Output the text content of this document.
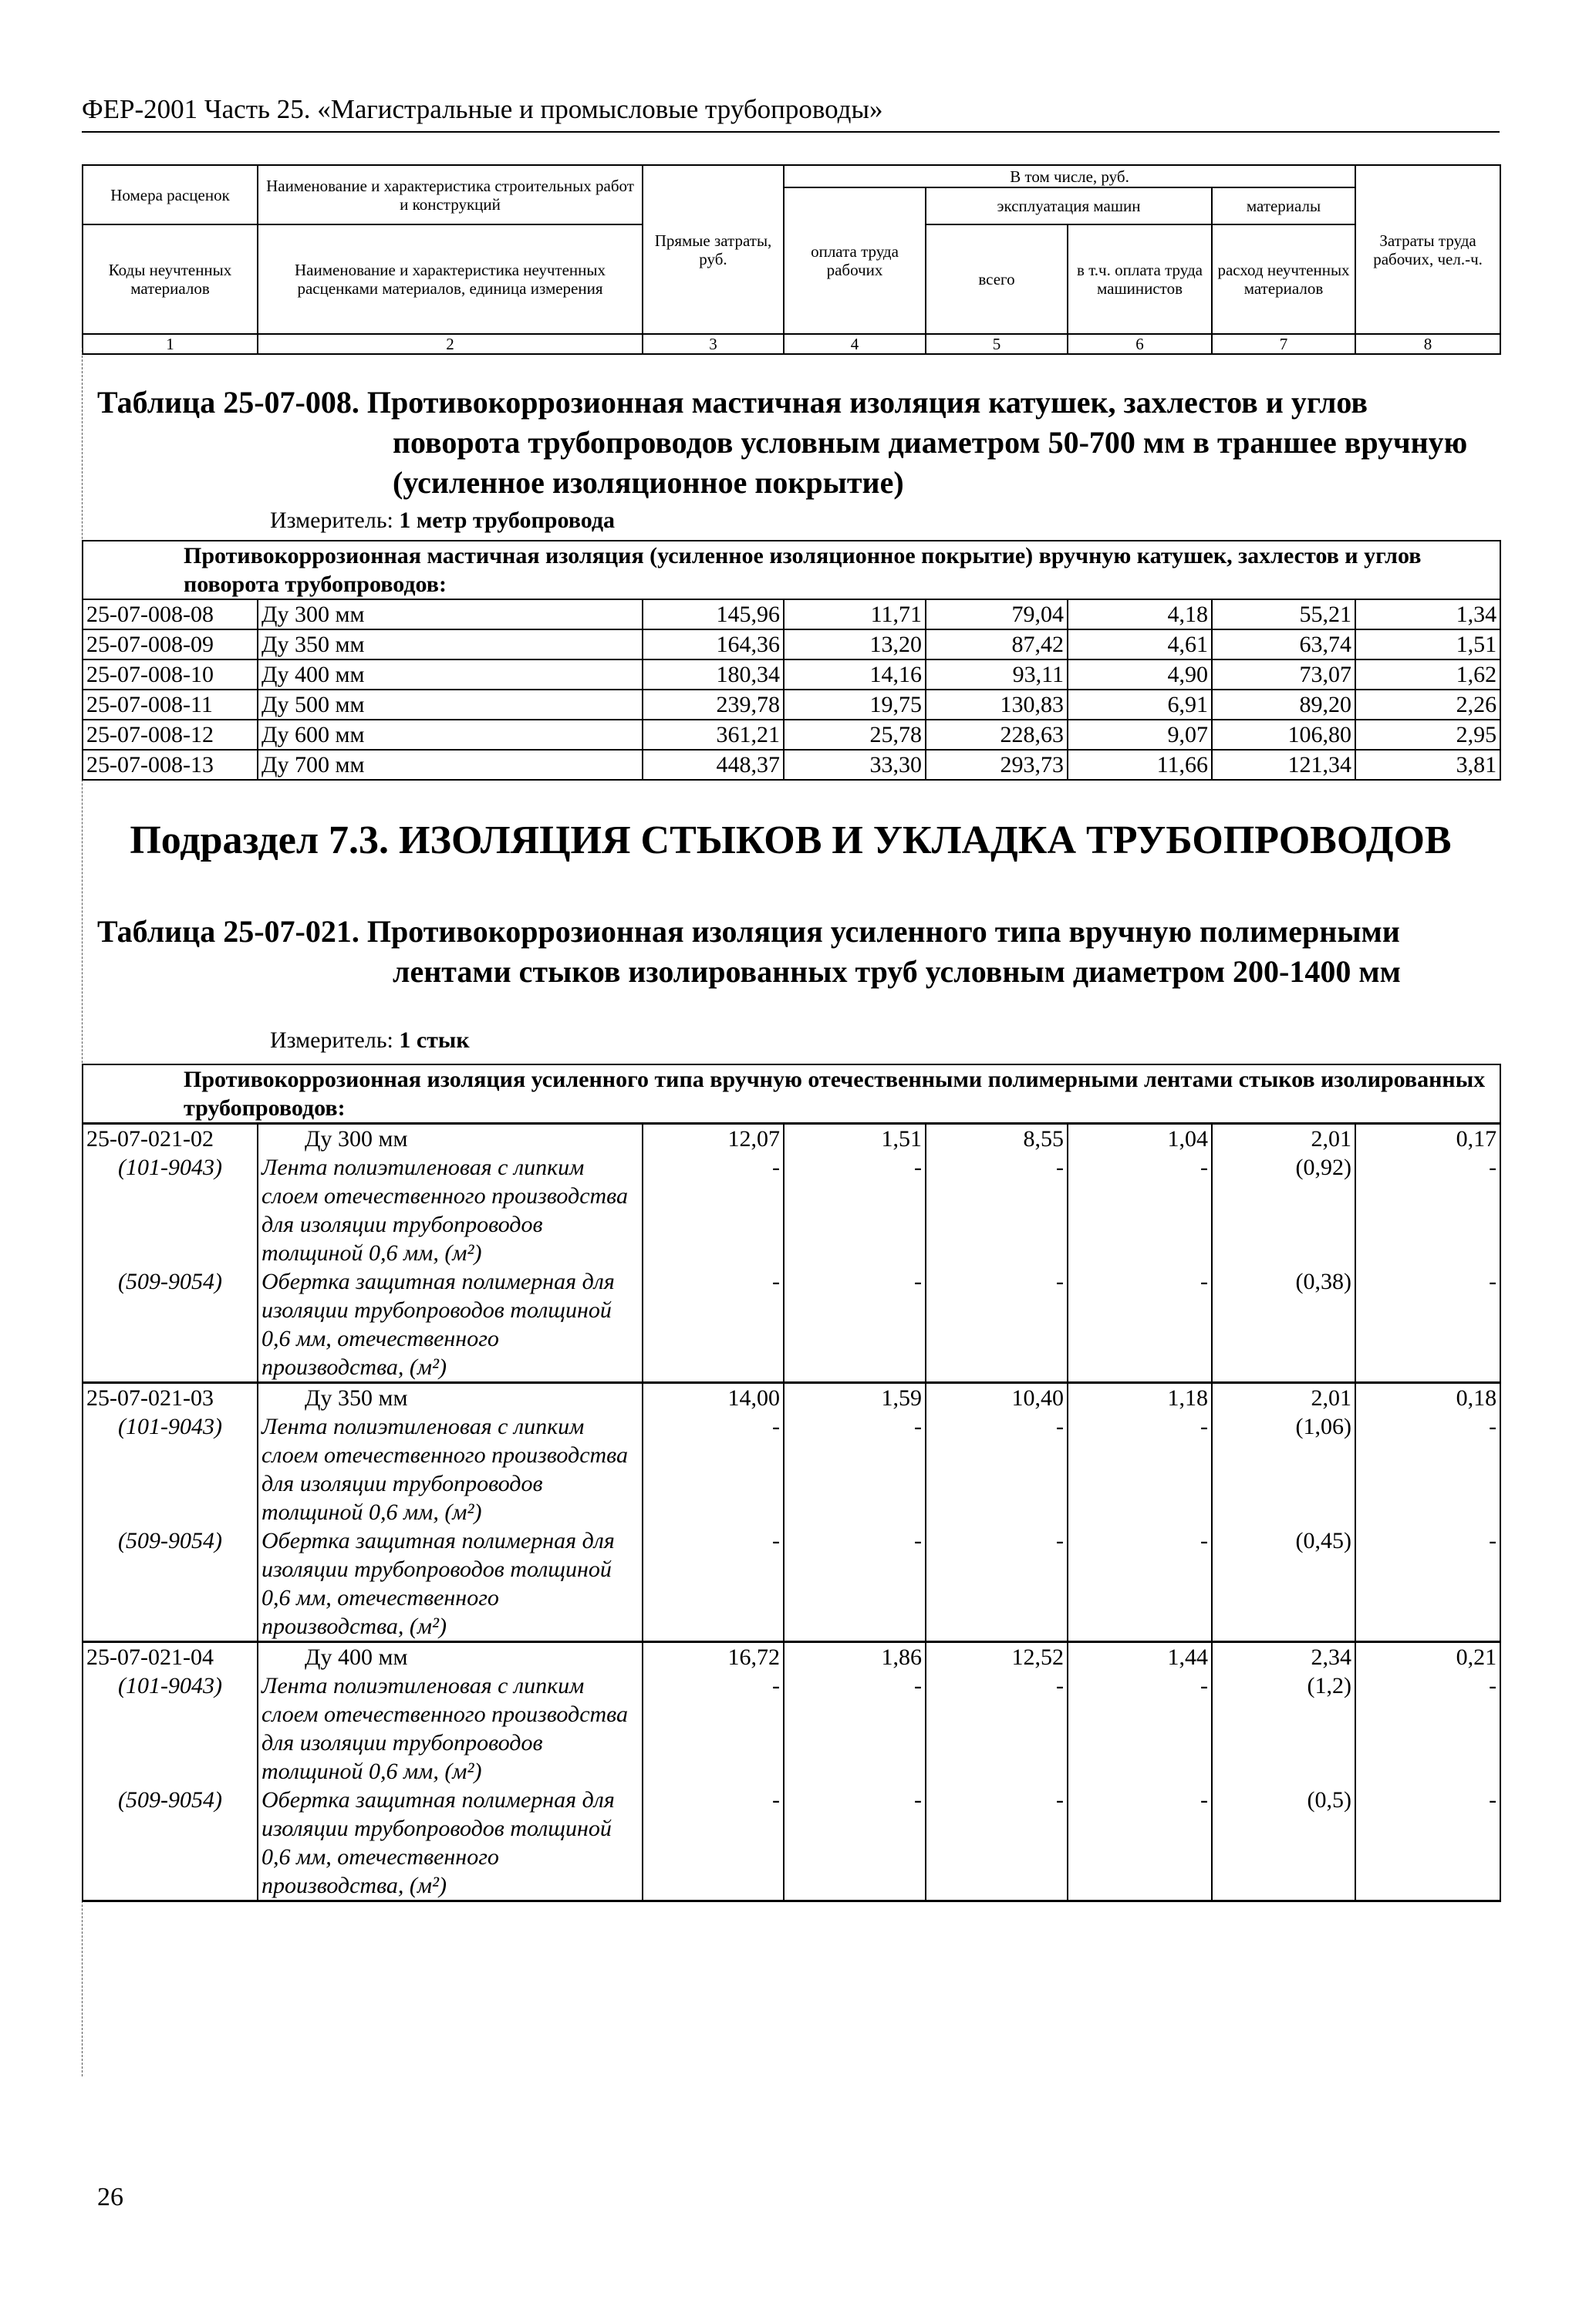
ФЕР-2001 Часть 25. «Магистральные и промысловые трубопроводы»
Номера расценок	Наименование и характеристика строительных работ и конструкций	Прямые затраты, руб.	В том числе, руб.				Затраты труда рабочих, чел.-ч.
			оплата труда рабочих	эксплуатация машин		материалы	
Коды неучтенных материалов	Наименование и характеристика неучтенных расценками материалов, единица измерения			всего	в т.ч. оплата труда машинистов	расход неучтенных материалов	
1	2	3	4	5	6	7	8
Таблица 25-07-008. Противокоррозионная мастичная изоляция катушек, захлестов и углов поворота трубопроводов условным диаметром 50-700 мм в траншее вручную (усиленное изоляционное покрытие)
Измеритель: 1 метр трубопровода
Противокоррозионная мастичная изоляция (усиленное изоляционное покрытие) вручную катушек, захлестов и углов поворота трубопроводов:							
25-07-008-08	Ду 300 мм	145,96	11,71	79,04	4,18	55,21	1,34
25-07-008-09	Ду 350 мм	164,36	13,20	87,42	4,61	63,74	1,51
25-07-008-10	Ду 400 мм	180,34	14,16	93,11	4,90	73,07	1,62
25-07-008-11	Ду 500 мм	239,78	19,75	130,83	6,91	89,20	2,26
25-07-008-12	Ду 600 мм	361,21	25,78	228,63	9,07	106,80	2,95
25-07-008-13	Ду 700 мм	448,37	33,30	293,73	11,66	121,34	3,81
Подраздел 7.3. ИЗОЛЯЦИЯ СТЫКОВ И УКЛАДКА ТРУБОПРОВОДОВ
Таблица 25-07-021. Противокоррозионная изоляция усиленного типа вручную полимерными лентами стыков изолированных труб условным диаметром 200-1400 мм
Измеритель: 1 стык
Противокоррозионная изоляция усиленного типа вручную отечественными полимерными лентами стыков изолированных трубопроводов:							
25-07-021-02	Ду 300 мм	12,07	1,51	8,55	1,04	2,01	0,17
(101-9043)	Лента полиэтиленовая с липким слоем отечественного производства для изоляции трубопроводов толщиной 0,6 мм, (м²)	-	-	-	-	(0,92)	-
(509-9054)	Обертка защитная полимерная для изоляции трубопроводов толщиной 0,6 мм, отечественного производства, (м²)	-	-	-	-	(0,38)	-
25-07-021-03	Ду 350 мм	14,00	1,59	10,40	1,18	2,01	0,18
(101-9043)	Лента полиэтиленовая с липким слоем отечественного производства для изоляции трубопроводов толщиной 0,6 мм, (м²)	-	-	-	-	(1,06)	-
(509-9054)	Обертка защитная полимерная для изоляции трубопроводов толщиной 0,6 мм, отечественного производства, (м²)	-	-	-	-	(0,45)	-
25-07-021-04	Ду 400 мм	16,72	1,86	12,52	1,44	2,34	0,21
(101-9043)	Лента полиэтиленовая с липким слоем отечественного производства для изоляции трубопроводов толщиной 0,6 мм, (м²)	-	-	-	-	(1,2)	-
(509-9054)	Обертка защитная полимерная для изоляции трубопроводов толщиной 0,6 мм, отечественного производства, (м²)	-	-	-	-	(0,5)	-
26
